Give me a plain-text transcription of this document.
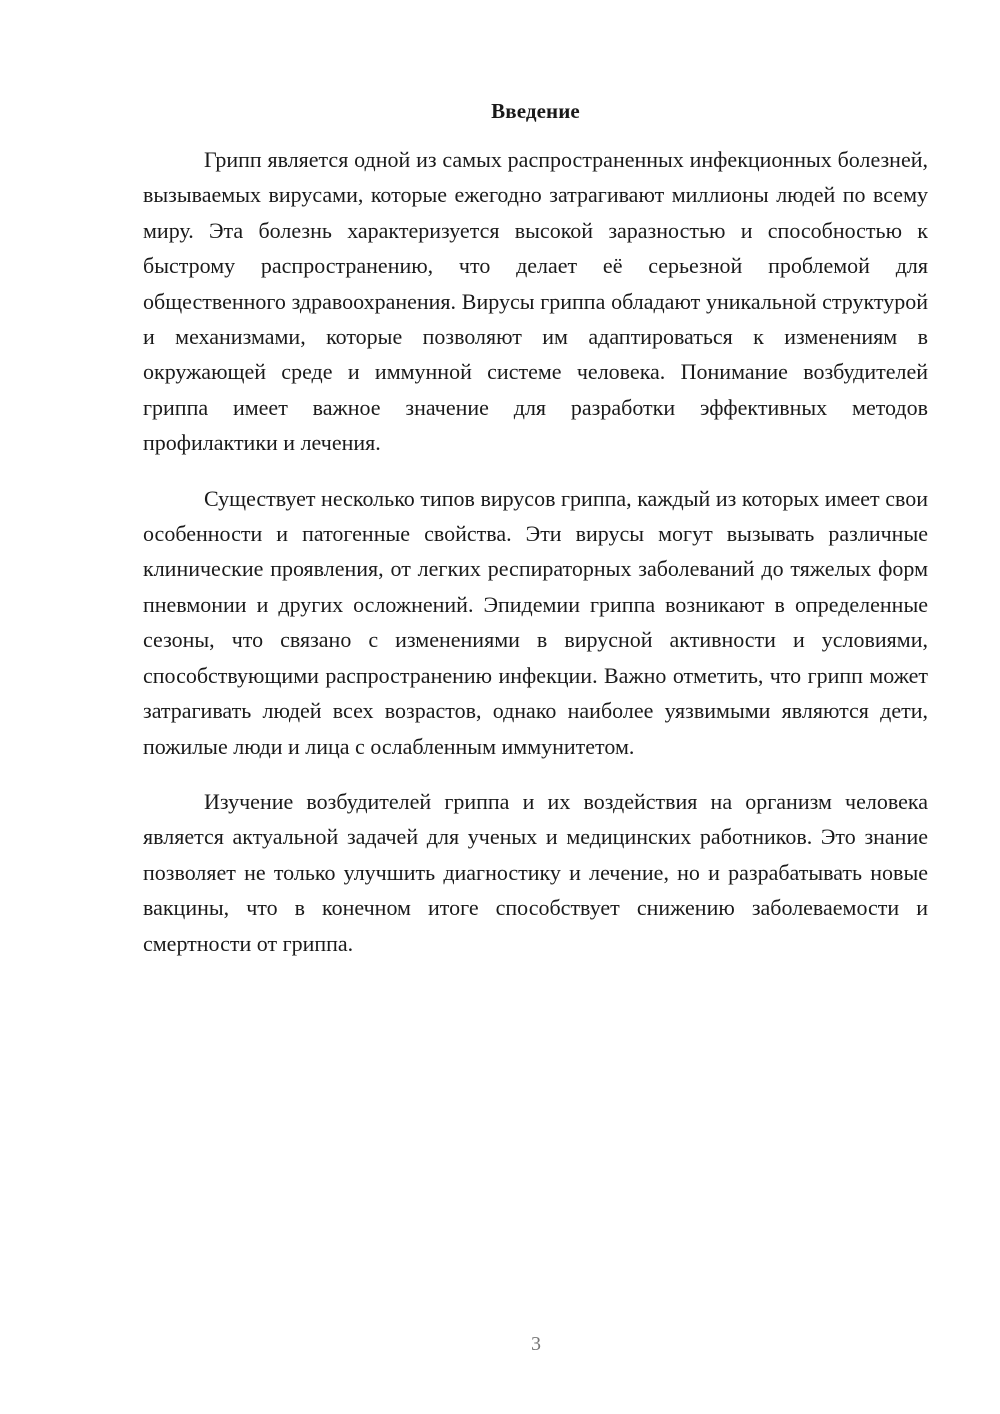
Введение

Грипп является одной из самых распространенных инфекционных болезней, вызываемых вирусами, которые ежегодно затрагивают миллионы людей по всему миру. Эта болезнь характеризуется высокой заразностью и способностью к быстрому распространению, что делает её серьезной проблемой для общественного здравоохранения. Вирусы гриппа обладают уникальной структурой и механизмами, которые позволяют им адаптироваться к изменениям в окружающей среде и иммунной системе человека. Понимание возбудителей гриппа имеет важное значение для разработки эффективных методов профилактики и лечения.

Существует несколько типов вирусов гриппа, каждый из которых имеет свои особенности и патогенные свойства. Эти вирусы могут вызывать различные клинические проявления, от легких респираторных заболеваний до тяжелых форм пневмонии и других осложнений. Эпидемии гриппа возникают в определенные сезоны, что связано с изменениями в вирусной активности и условиями, способствующими распространению инфекции. Важно отметить, что грипп может затрагивать людей всех возрастов, однако наиболее уязвимыми являются дети, пожилые люди и лица с ослабленным иммунитетом.

Изучение возбудителей гриппа и их воздействия на организм человека является актуальной задачей для ученых и медицинских работников. Это знание позволяет не только улучшить диагностику и лечение, но и разрабатывать новые вакцины, что в конечном итоге способствует снижению заболеваемости и смертности от гриппа.

3
